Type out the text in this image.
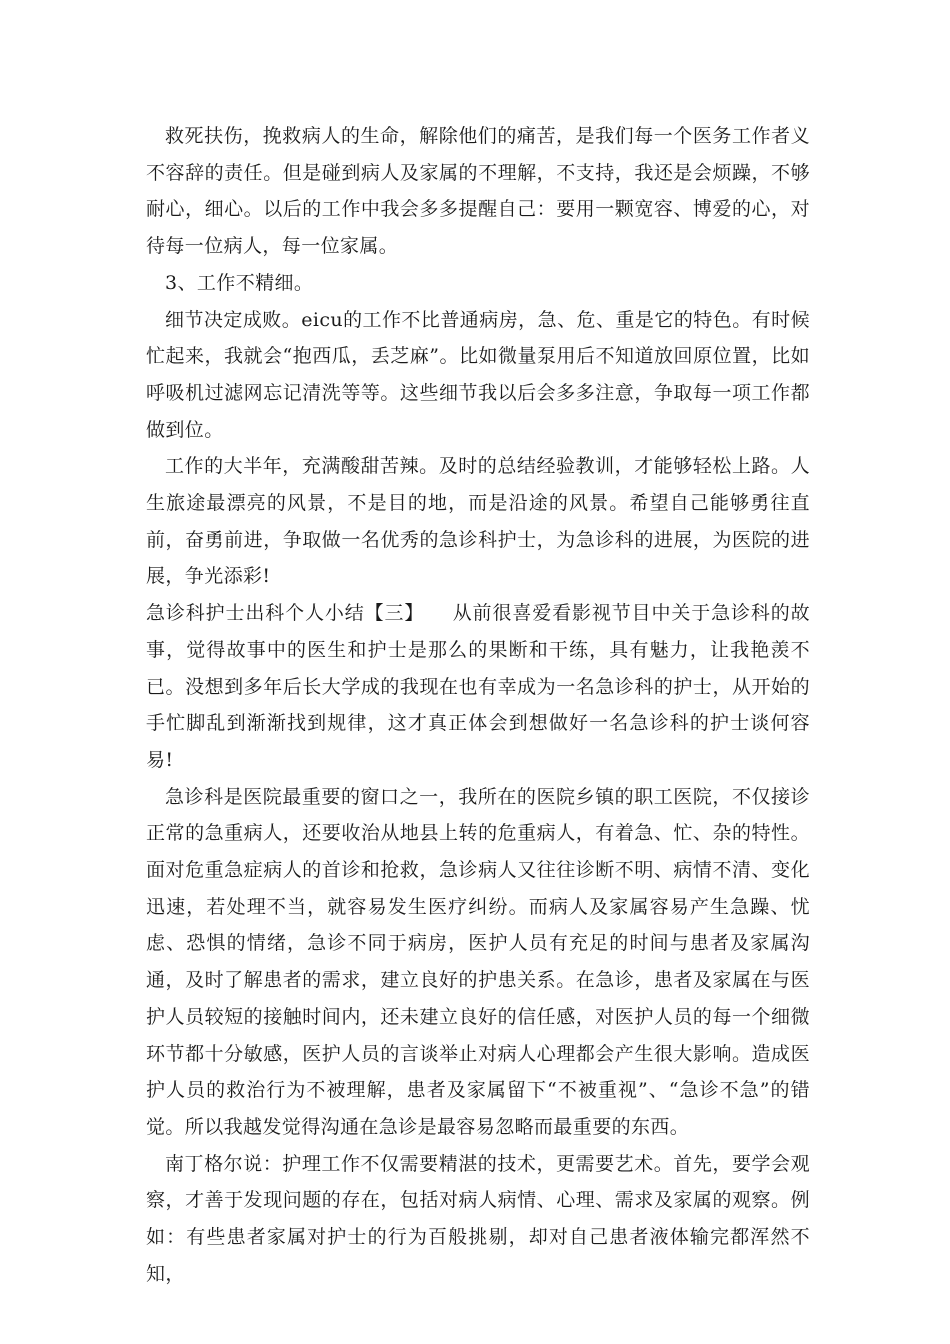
救死扶伤，挽救病人的生命，解除他们的痛苦，是我们每一个医务工作者义不容辞的责任。但是碰到病人及家属的不理解，不支持，我还是会烦躁，不够耐心，细心。以后的工作中我会多多提醒自己：要用一颗宽容、博爱的心，对待每一位病人，每一位家属。

3、工作不精细。

细节决定成败。eicu的工作不比普通病房，急、危、重是它的特色。有时候忙起来，我就会“抱西瓜，丢芝麻”。比如微量泵用后不知道放回原位置，比如呼吸机过滤网忘记清洗等等。这些细节我以后会多多注意，争取每一项工作都做到位。

工作的大半年，充满酸甜苦辣。及时的总结经验教训，才能够轻松上路。人生旅途最漂亮的风景，不是目的地，而是沿途的风景。希望自己能够勇往直前，奋勇前进，争取做一名优秀的急诊科护士，为急诊科的进展，为医院的进展，争光添彩!

急诊科护士出科个人小结【三】 从前很喜爱看影视节目中关于急诊科的故事，觉得故事中的医生和护士是那么的果断和干练，具有魅力，让我艳羡不已。没想到多年后长大学成的我现在也有幸成为一名急诊科的护士，从开始的手忙脚乱到渐渐找到规律，这才真正体会到想做好一名急诊科的护士谈何容易!

急诊科是医院最重要的窗口之一，我所在的医院乡镇的职工医院，不仅接诊正常的急重病人，还要收治从地县上转的危重病人，有着急、忙、杂的特性。面对危重急症病人的首诊和抢救，急诊病人又往往诊断不明、病情不清、变化迅速，若处理不当，就容易发生医疗纠纷。而病人及家属容易产生急躁、忧虑、恐惧的情绪，急诊不同于病房，医护人员有充足的时间与患者及家属沟通，及时了解患者的需求，建立良好的护患关系。在急诊，患者及家属在与医护人员较短的接触时间内，还未建立良好的信任感，对医护人员的每一个细微环节都十分敏感，医护人员的言谈举止对病人心理都会产生很大影响。造成医护人员的救治行为不被理解，患者及家属留下“不被重视”、“急诊不急”的错觉。所以我越发觉得沟通在急诊是最容易忽略而最重要的东西。

南丁格尔说：护理工作不仅需要精湛的技术，更需要艺术。首先，要学会观察，才善于发现问题的存在，包括对病人病情、心理、需求及家属的观察。例如：有些患者家属对护士的行为百般挑剔，却对自己患者液体输完都浑然不知，
